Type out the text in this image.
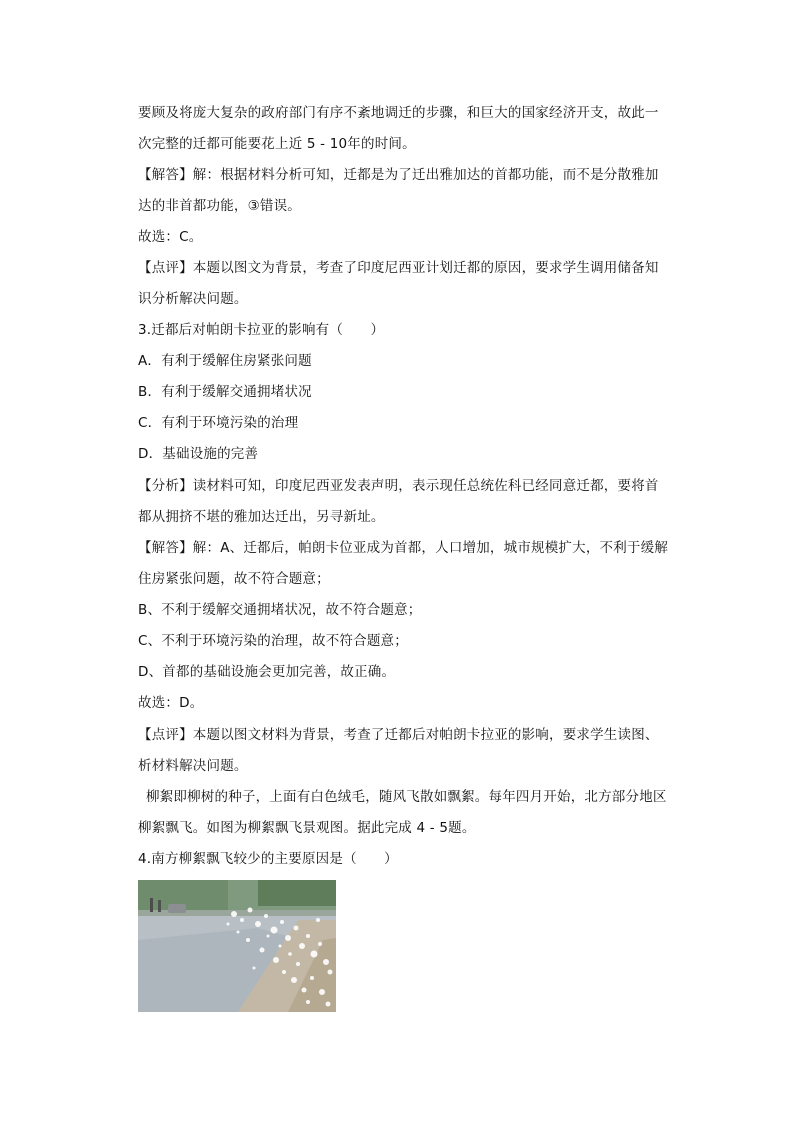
要顾及将庞大复杂的政府部门有序不紊地调迁的步骤，和巨大的国家经济开支，故此一
次完整的迁都可能要花上近 5 - 10年的时间。
【解答】解：根据材料分析可知，迁都是为了迁出雅加达的首都功能，而不是分散雅加
达的非首都功能，③错误。
故选：C。
【点评】本题以图文为背景，考查了印度尼西亚计划迁都的原因，要求学生调用储备知
识分析解决问题。
3.迁都后对帕朗卡拉亚的影响有（　　）
A．有利于缓解住房紧张问题
B．有利于缓解交通拥堵状况
C．有利于环境污染的治理
D．基础设施的完善
【分析】读材料可知，印度尼西亚发表声明，表示现任总统佐科已经同意迁都，要将首
都从拥挤不堪的雅加达迁出，另寻新址。
【解答】解：A、迁都后，帕朗卡位亚成为首都，人口增加，城市规模扩大，不利于缓解
住房紧张问题，故不符合题意；
B、不利于缓解交通拥堵状况，故不符合题意；
C、不利于环境污染的治理，故不符合题意；
D、首都的基础设施会更加完善，故正确。
故选：D。
【点评】本题以图文材料为背景，考查了迁都后对帕朗卡拉亚的影响，要求学生读图、
析材料解决问题。
柳絮即柳树的种子，上面有白色绒毛，随风飞散如飘絮。每年四月开始，北方部分地区
柳絮飘飞。如图为柳絮飘飞景观图。据此完成 4 - 5题。
4.南方柳絮飘飞较少的主要原因是（　　）
